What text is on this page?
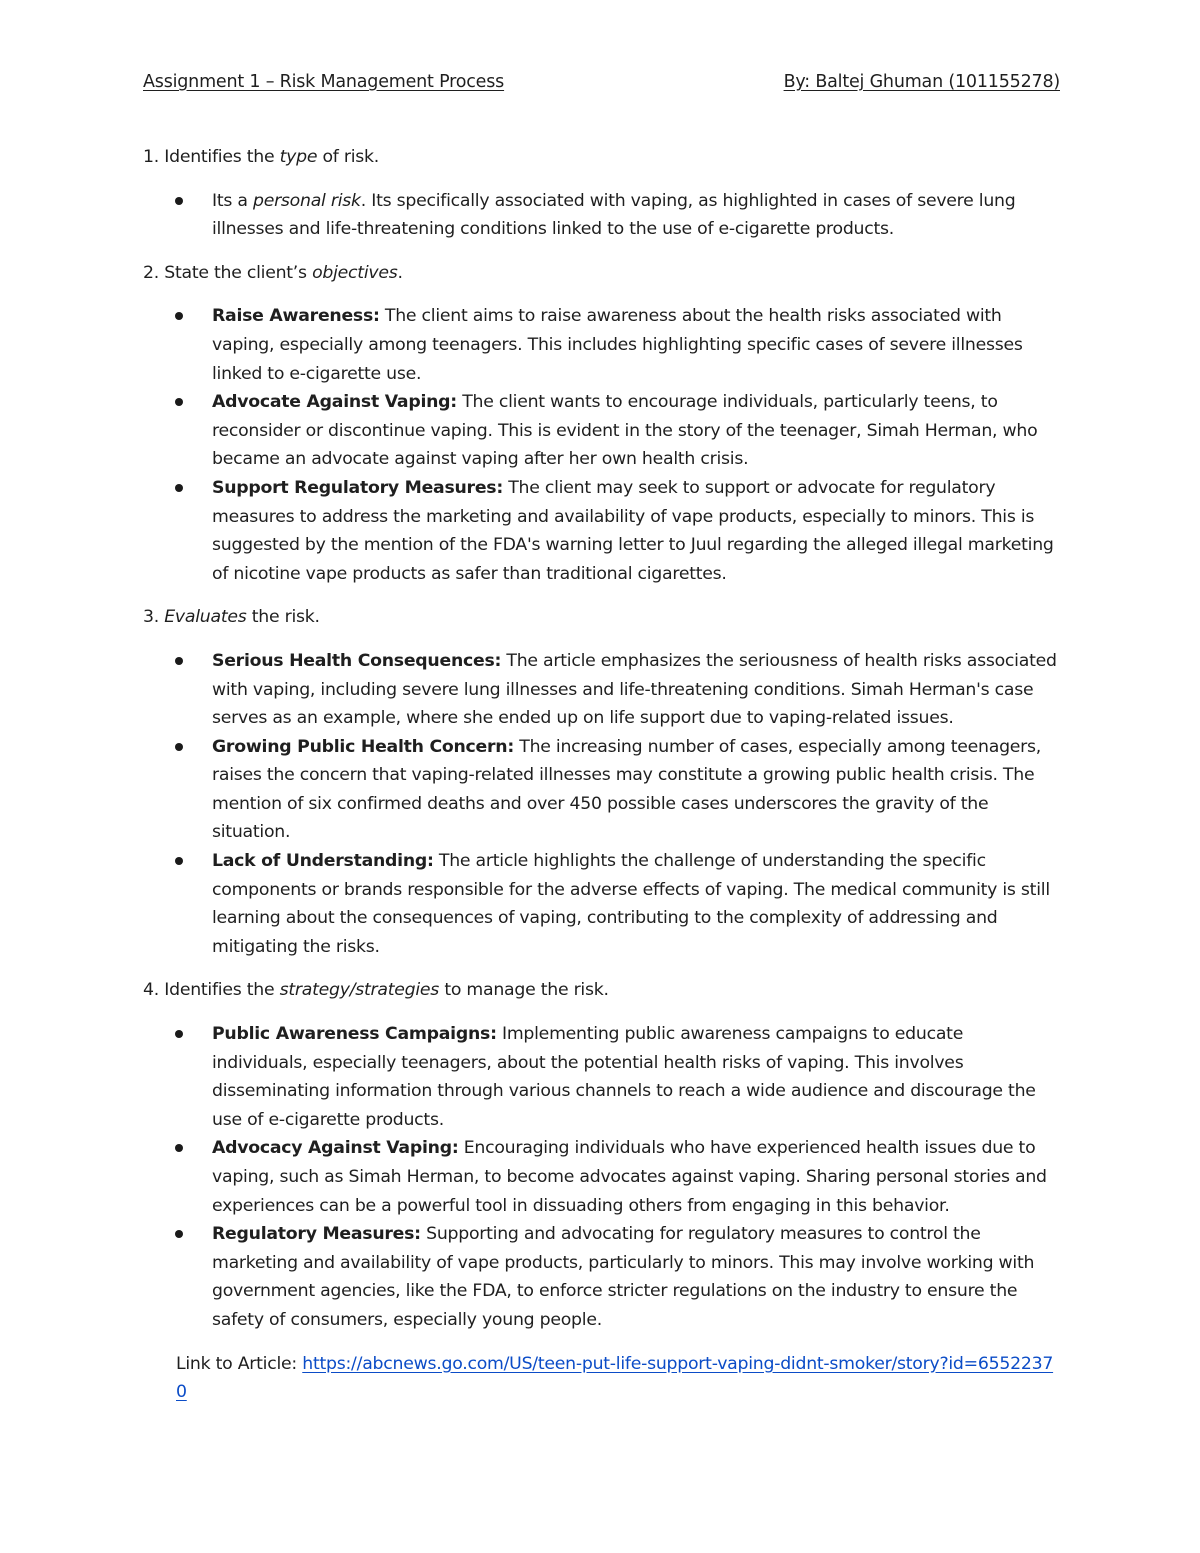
Assignment 1 – Risk Management Process	By: Baltej Ghuman (101155278)

1. Identifies the type of risk.

Its a personal risk. Its specifically associated with vaping, as highlighted in cases of severe lung illnesses and life-threatening conditions linked to the use of e-cigarette products.

2. State the client’s objectives.

Raise Awareness: The client aims to raise awareness about the health risks associated with vaping, especially among teenagers. This includes highlighting specific cases of severe illnesses linked to e-cigarette use.
Advocate Against Vaping: The client wants to encourage individuals, particularly teens, to reconsider or discontinue vaping. This is evident in the story of the teenager, Simah Herman, who became an advocate against vaping after her own health crisis.
Support Regulatory Measures: The client may seek to support or advocate for regulatory measures to address the marketing and availability of vape products, especially to minors. This is suggested by the mention of the FDA's warning letter to Juul regarding the alleged illegal marketing of nicotine vape products as safer than traditional cigarettes.

3. Evaluates the risk.

Serious Health Consequences: The article emphasizes the seriousness of health risks associated with vaping, including severe lung illnesses and life-threatening conditions. Simah Herman's case serves as an example, where she ended up on life support due to vaping-related issues.
Growing Public Health Concern: The increasing number of cases, especially among teenagers, raises the concern that vaping-related illnesses may constitute a growing public health crisis. The mention of six confirmed deaths and over 450 possible cases underscores the gravity of the situation.
Lack of Understanding: The article highlights the challenge of understanding the specific components or brands responsible for the adverse effects of vaping. The medical community is still learning about the consequences of vaping, contributing to the complexity of addressing and mitigating the risks.

4. Identifies the strategy/strategies to manage the risk.

Public Awareness Campaigns: Implementing public awareness campaigns to educate individuals, especially teenagers, about the potential health risks of vaping. This involves disseminating information through various channels to reach a wide audience and discourage the use of e-cigarette products.
Advocacy Against Vaping: Encouraging individuals who have experienced health issues due to vaping, such as Simah Herman, to become advocates against vaping. Sharing personal stories and experiences can be a powerful tool in dissuading others from engaging in this behavior.
Regulatory Measures: Supporting and advocating for regulatory measures to control the marketing and availability of vape products, particularly to minors. This may involve working with government agencies, like the FDA, to enforce stricter regulations on the industry to ensure the safety of consumers, especially young people.
Link to Article: https://abcnews.go.com/US/teen-put-life-support-vaping-didnt-smoker/story?id=65522370
